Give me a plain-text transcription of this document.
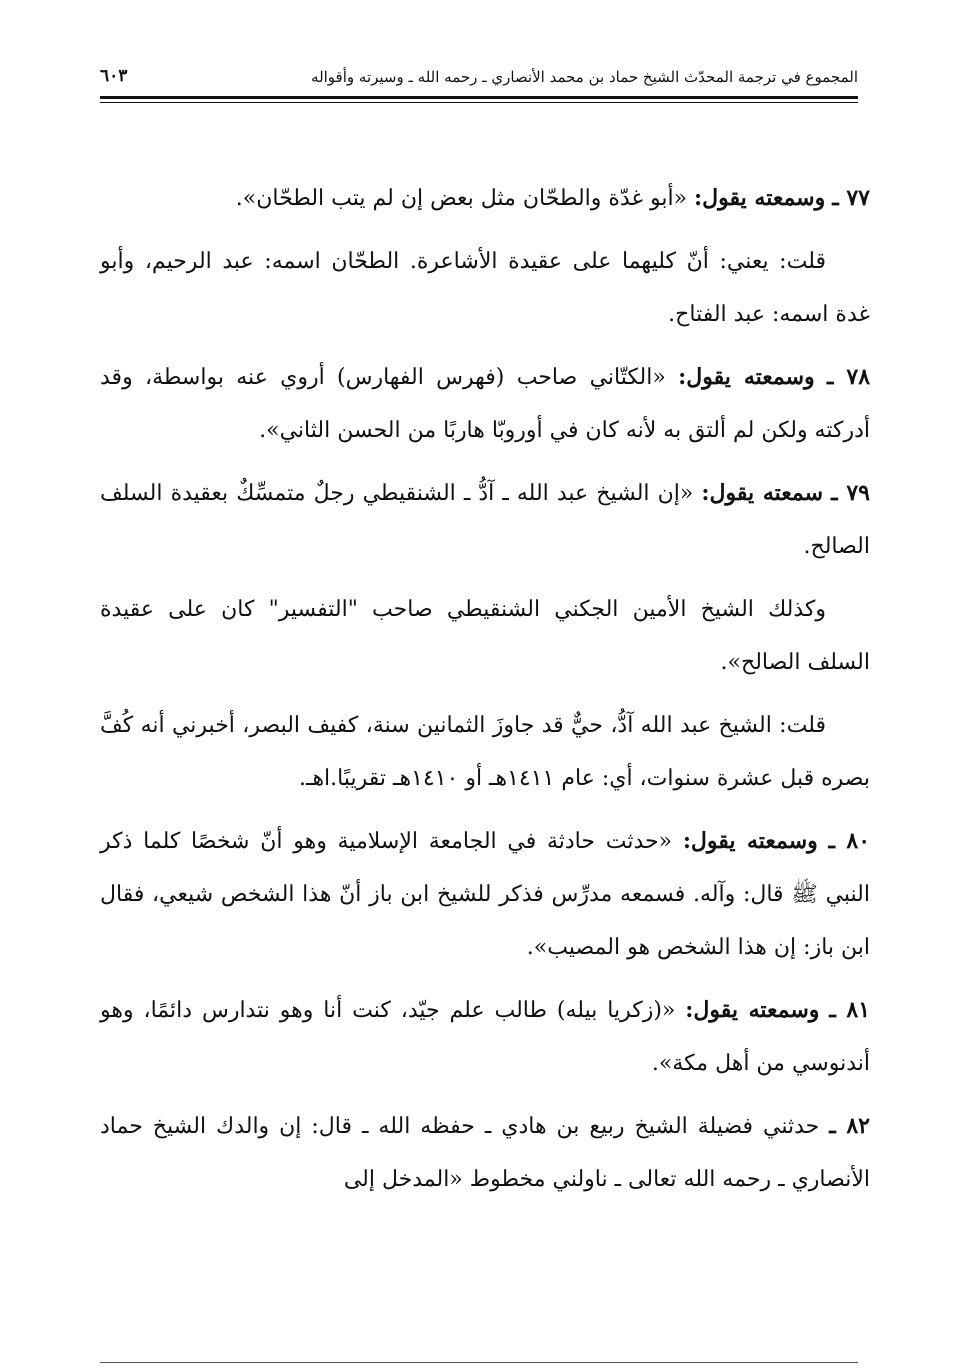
المجموع في ترجمة المحدّث الشيخ حماد بن محمد الأنصاري ـ رحمه الله ـ وسيرته وأقواله
٦٠٣

٧٧ ـ وسمعته يقول: «أبو غدّة والطحّان مثل بعض إن لم يتب الطحّان».

قلت: يعني: أنّ كليهما على عقيدة الأشاعرة. الطحّان اسمه: عبد الرحيم، وأبو غدة اسمه: عبد الفتاح.

٧٨ ـ وسمعته يقول: «الكتّاني صاحب (فهرس الفهارس) أروي عنه بواسطة، وقد أدركته ولكن لم ألتق به لأنه كان في أوروبّا هاربًا من الحسن الثاني».

٧٩ ـ سمعته يقول: «إن الشيخ عبد الله ـ آدُّ ـ الشنقيطي رجلٌ متمسِّكٌ بعقيدة السلف الصالح.

وكذلك الشيخ الأمين الجكني الشنقيطي صاحب "التفسير" كان على عقيدة السلف الصالح».

قلت: الشيخ عبد الله آدُّ، حيٌّ قد جاوزَ الثمانين سنة، كفيف البصر، أخبرني أنه كُفَّ بصره قبل عشرة سنوات، أي: عام ١٤١١هـ أو ١٤١٠هـ تقريبًا.اهـ.

٨٠ ـ وسمعته يقول: «حدثت حادثة في الجامعة الإسلامية وهو أنّ شخصًا كلما ذكر النبي ﷺ قال: وآله. فسمعه مدرِّس فذكر للشيخ ابن باز أنّ هذا الشخص شيعي، فقال ابن باز: إن هذا الشخص هو المصيب».

٨١ ـ وسمعته يقول: «(زكريا بيله) طالب علم جيّد، كنت أنا وهو نتدارس دائمًا، وهو أندنوسي من أهل مكة».

٨٢ ـ حدثني فضيلة الشيخ ربيع بن هادي ـ حفظه الله ـ قال: إن والدك الشيخ حماد الأنصاري ـ رحمه الله تعالى ـ ناولني مخطوط «المدخل إلى
